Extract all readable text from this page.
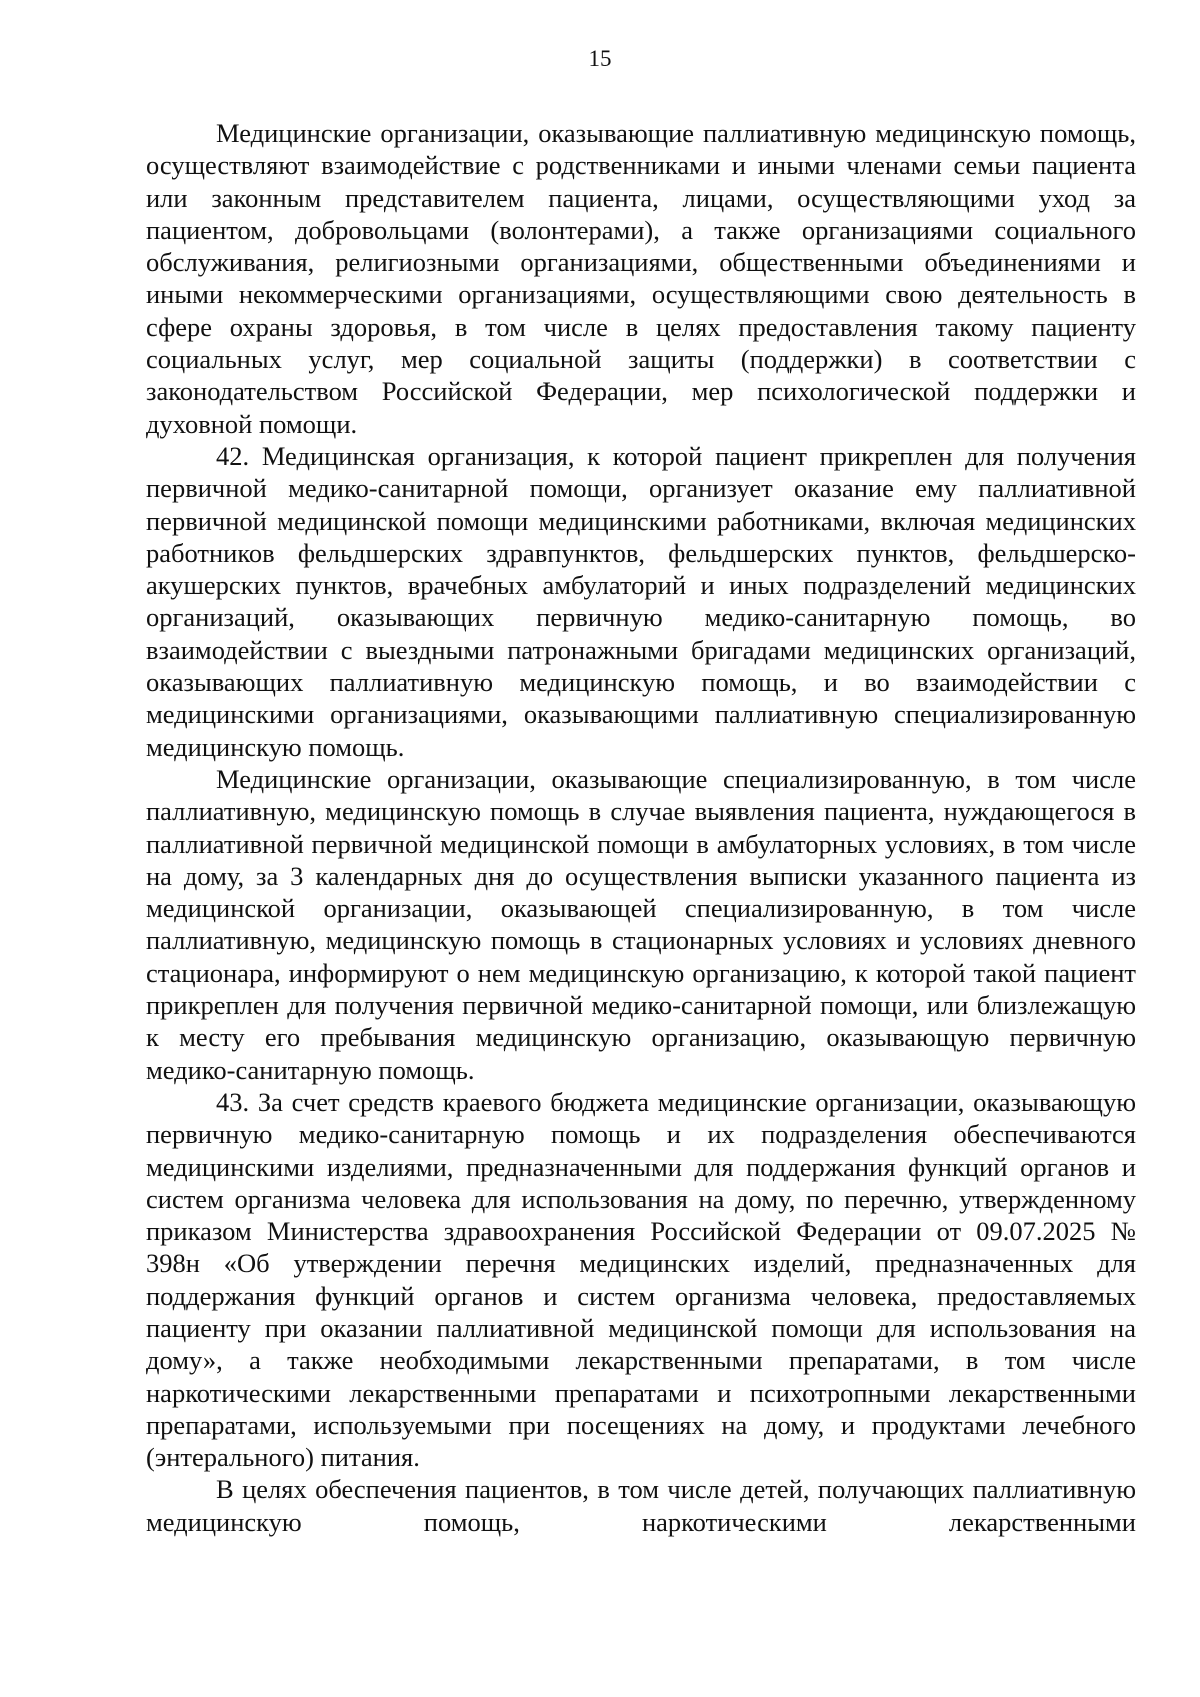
15

Медицинские организации, оказывающие паллиативную медицинскую помощь, осуществляют взаимодействие с родственниками и иными членами семьи пациента или законным представителем пациента, лицами, осуществляющими уход за пациентом, добровольцами (волонтерами), а также организациями социального обслуживания, религиозными организациями, общественными объединениями и иными некоммерческими организациями, осуществляющими свою деятельность в сфере охраны здоровья, в том числе в целях предоставления такому пациенту социальных услуг, мер социальной защиты (поддержки) в соответствии с законодательством Российской Федерации, мер психологической поддержки и духовной помощи.

42. Медицинская организация, к которой пациент прикреплен для получения первичной медико-санитарной помощи, организует оказание ему паллиативной первичной медицинской помощи медицинскими работниками, включая медицинских работников фельдшерских здравпунктов, фельдшерских пунктов, фельдшерско-акушерских пунктов, врачебных амбулаторий и иных подразделений медицинских организаций, оказывающих первичную медико-санитарную помощь, во взаимодействии с выездными патронажными бригадами медицинских организаций, оказывающих паллиативную медицинскую помощь, и во взаимодействии с медицинскими организациями, оказывающими паллиативную специализированную медицинскую помощь.

Медицинские организации, оказывающие специализированную, в том числе паллиативную, медицинскую помощь в случае выявления пациента, нуждающегося в паллиативной первичной медицинской помощи в амбулаторных условиях, в том числе на дому, за 3 календарных дня до осуществления выписки указанного пациента из медицинской организации, оказывающей специализированную, в том числе паллиативную, медицинскую помощь в стационарных условиях и условиях дневного стационара, информируют о нем медицинскую организацию, к которой такой пациент прикреплен для получения первичной медико-санитарной помощи, или близлежащую к месту его пребывания медицинскую организацию, оказывающую первичную медико-санитарную помощь.

43. За счет средств краевого бюджета медицинские организации, оказывающую первичную медико-санитарную помощь и их подразделения обеспечиваются медицинскими изделиями, предназначенными для поддержания функций органов и систем организма человека для использования на дому, по перечню, утвержденному приказом Министерства здравоохранения Российской Федерации от 09.07.2025 № 398н «Об утверждении перечня медицинских изделий, предназначенных для поддержания функций органов и систем организма человека, предоставляемых пациенту при оказании паллиативной медицинской помощи для использования на дому», а также необходимыми лекарственными препаратами, в том числе наркотическими лекарственными препаратами и психотропными лекарственными препаратами, используемыми при посещениях на дому, и продуктами лечебного (энтерального) питания.

В целях обеспечения пациентов, в том числе детей, получающих паллиативную медицинскую помощь, наркотическими лекарственными
